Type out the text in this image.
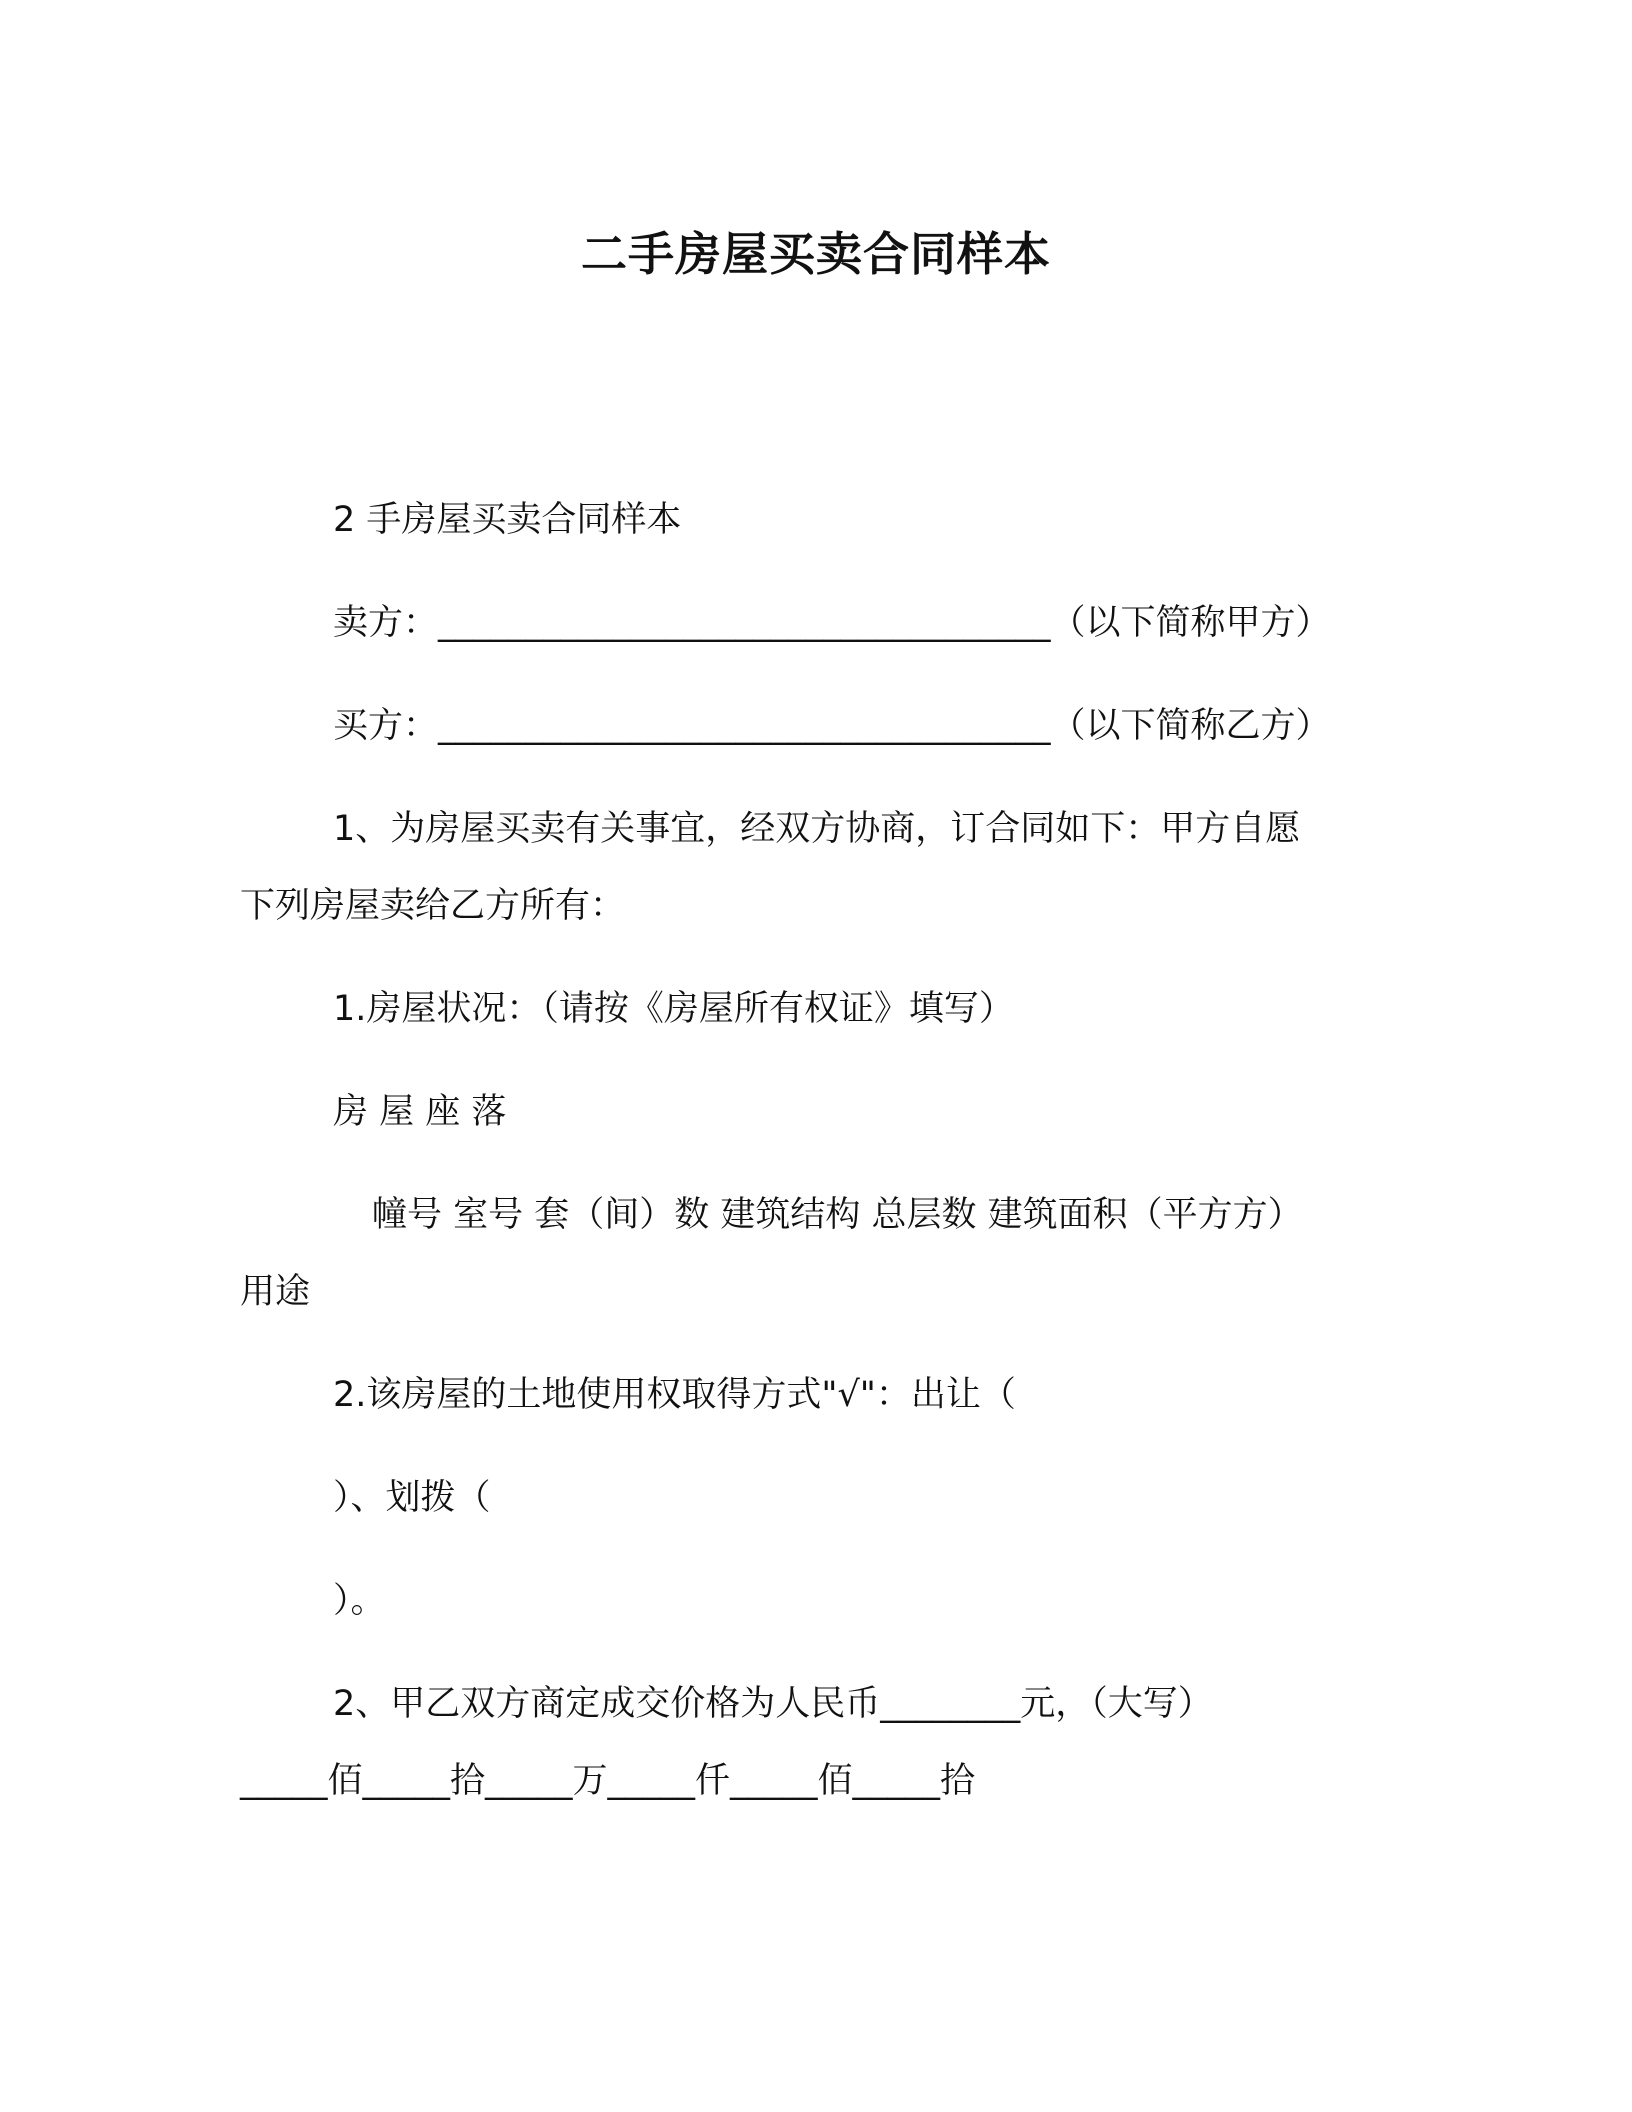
二手房屋买卖合同样本
2 手房屋买卖合同样本
卖方：___________________________________（以下简称甲方）
买方：___________________________________（以下简称乙方）
1、为房屋买卖有关事宜，经双方协商，订合同如下：甲方自愿
下列房屋卖给乙方所有：
1.房屋状况：（请按《房屋所有权证》填写）
房 屋 座 落
幢号 室号 套（间）数 建筑结构 总层数 建筑面积（平方方）
用途
2.该房屋的土地使用权取得方式"√"：出让（
）、划拨（
）。
2、甲乙双方商定成交价格为人民币________元，（大写）
_____佰_____拾_____万_____仟_____佰_____拾
